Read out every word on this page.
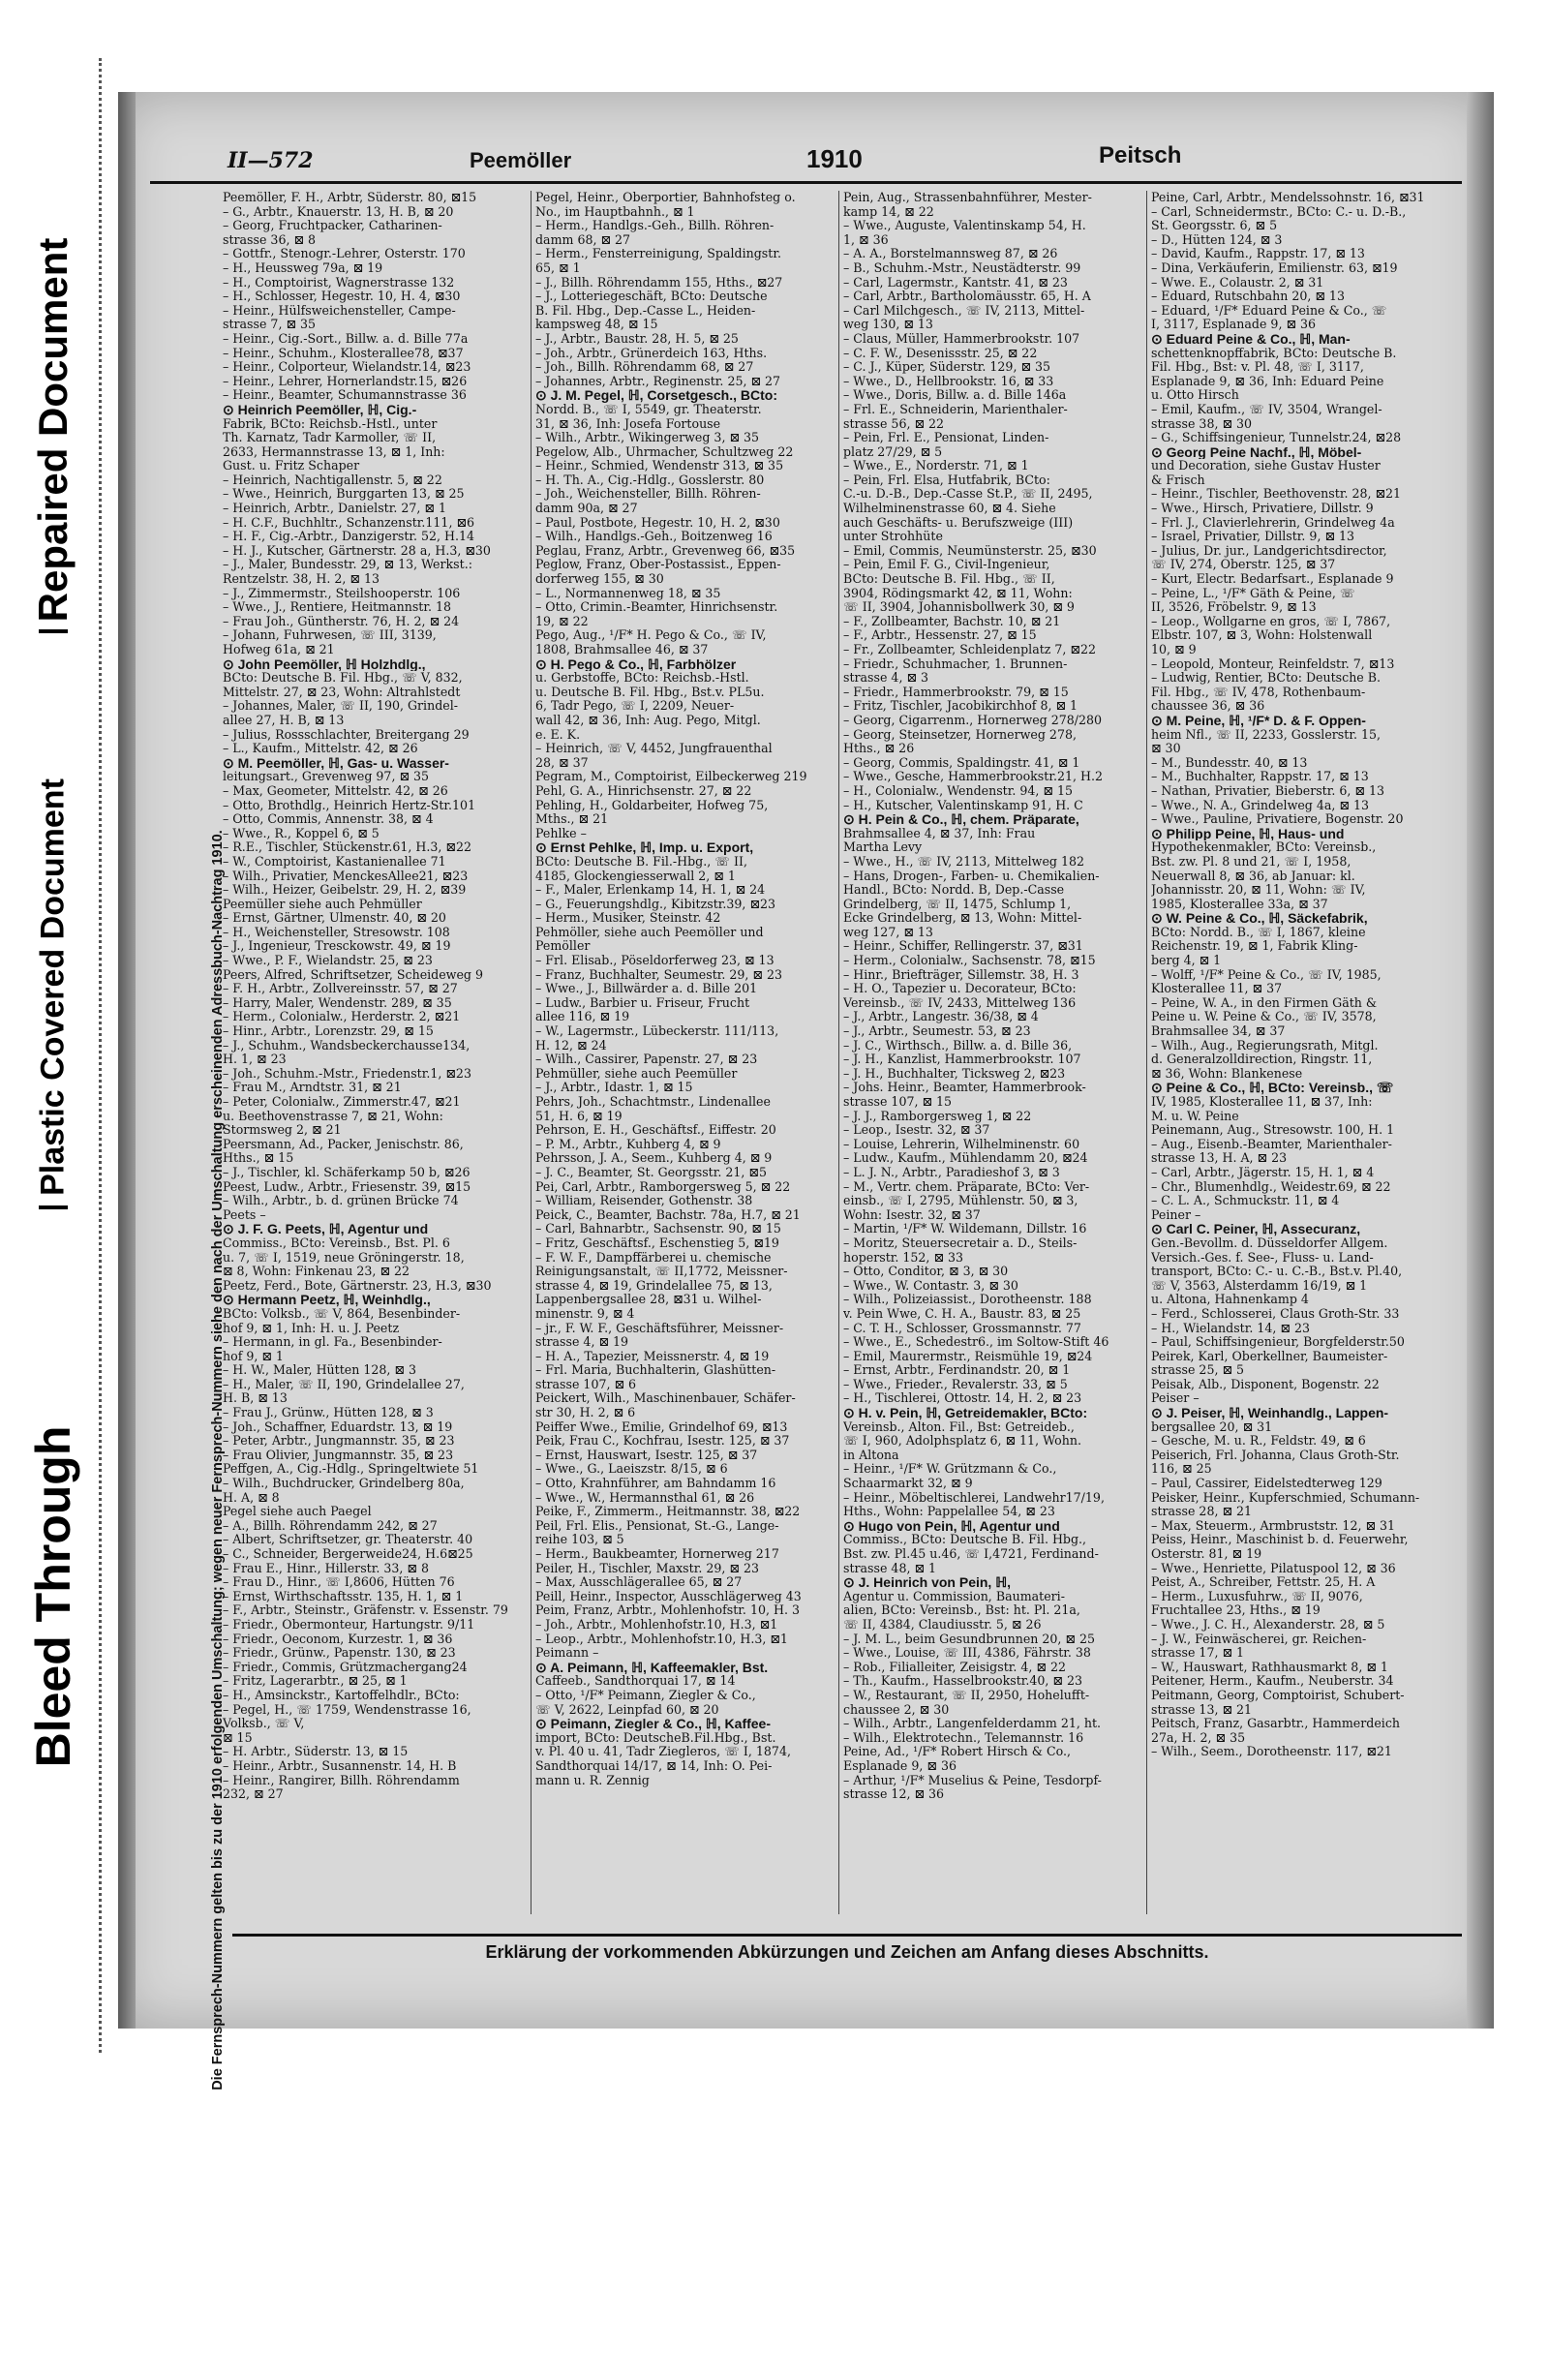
Repaired Document
Plastic Covered Document
Bleed Through
II—572	Peemöller	1910	Peitsch
Die Fernsprech-Nummern gelten bis zu der 1910 erfolgenden Umschaltung; wegen neuer Fernsprech-Nummern siehe den nach der Umschaltung erscheinenden Adressbuch-Nachtrag 1910.
Peemöller, F. H., Arbtr, Süderstr. 80, ⊠15
– G., Arbtr., Knauerstr. 13, H. B, ⊠ 20
– Georg, Fruchtpacker, Catharinen-
strasse 36, ⊠ 8
– Gottfr., Stenogr.-Lehrer, Osterstr. 170
– H., Heussweg 79a, ⊠ 19
– H., Comptoirist, Wagnerstrasse 132
– H., Schlosser, Hegestr. 10, H. 4, ⊠30
– Heinr., Hülfsweichensteller, Campe-
strasse 7, ⊠ 35
– Heinr., Cig.-Sort., Billw. a. d. Bille 77a
– Heinr., Schuhm., Klosterallee78, ⊠37
– Heinr., Colporteur, Wielandstr.14, ⊠23
– Heinr., Lehrer, Hornerlandstr.15, ⊠26
– Heinr., Beamter, Schumannstrasse 36
⊙ Heinrich Peemöller, ℍ, Cig.-
Fabrik, BCto: Reichsb.-Hstl., unter
Th. Karnatz, Tadr Karmoller, ☏ II,
2633, Hermannstrasse 13, ⊠ 1, Inh:
Gust. u. Fritz Schaper
– Heinrich, Nachtigallenstr. 5, ⊠ 22
– Wwe., Heinrich, Burggarten 13, ⊠ 25
– Heinrich, Arbtr., Danielstr. 27, ⊠ 1
– H. C.F., Buchhltr., Schanzenstr.111, ⊠6
– H. F., Cig.-Arbtr., Danzigerstr. 52, H.14
– H. J., Kutscher, Gärtnerstr. 28 a, H.3, ⊠30
– J., Maler, Bundesstr. 29, ⊠ 13, Werkst.:
Rentzelstr. 38, H. 2, ⊠ 13
– J., Zimmermstr., Steilshooperstr. 106
– Wwe., J., Rentiere, Heitmannstr. 18
– Frau Joh., Güntherstr. 76, H. 2, ⊠ 24
– Johann, Fuhrwesen, ☏ III, 3139,
Hofweg 61a, ⊠ 21
⊙ John Peemöller, ℍ Holzhdlg.,
BCto: Deutsche B. Fil. Hbg., ☏ V, 832,
Mittelstr. 27, ⊠ 23, Wohn: Altrahlstedt
– Johannes, Maler, ☏ II, 190, Grindel-
allee 27, H. B, ⊠ 13
– Julius, Rossschlachter, Breitergang 29
– L., Kaufm., Mittelstr. 42, ⊠ 26
⊙ M. Peemöller, ℍ, Gas- u. Wasser-
leitungsart., Grevenweg 97, ⊠ 35
– Max, Geometer, Mittelstr. 42, ⊠ 26
– Otto, Brothdlg., Heinrich Hertz-Str.101
– Otto, Commis, Annenstr. 38, ⊠ 4
– Wwe., R., Koppel 6, ⊠ 5
– R.E., Tischler, Stückenstr.61, H.3, ⊠22
– W., Comptoirist, Kastanienallee 71
– Wilh., Privatier, MenckesAllee21, ⊠23
– Wilh., Heizer, Geibelstr. 29, H. 2, ⊠39
Peemüller siehe auch Pehmüller
– Ernst, Gärtner, Ulmenstr. 40, ⊠ 20
– H., Weichensteller, Stresowstr. 108
– J., Ingenieur, Tresckowstr. 49, ⊠ 19
– Wwe., P. F., Wielandstr. 25, ⊠ 23
Peers, Alfred, Schriftsetzer, Scheideweg 9
– F. H., Arbtr., Zollvereinsstr. 57, ⊠ 27
– Harry, Maler, Wendenstr. 289, ⊠ 35
– Herm., Colonialw., Herderstr. 2, ⊠21
– Hinr., Arbtr., Lorenzstr. 29, ⊠ 15
– J., Schuhm., Wandsbeckerchausse134,
H. 1, ⊠ 23
– Joh., Schuhm.-Mstr., Friedenstr.1, ⊠23
– Frau M., Arndtstr. 31, ⊠ 21
– Peter, Colonialw., Zimmerstr.47, ⊠21
u. Beethovenstrasse 7, ⊠ 21, Wohn:
Stormsweg 2, ⊠ 21
Peersmann, Ad., Packer, Jenischstr. 86,
Hths., ⊠ 15
– J., Tischler, kl. Schäferkamp 50 b, ⊠26
Peest, Ludw., Arbtr., Friesenstr. 39, ⊠15
– Wilh., Arbtr., b. d. grünen Brücke 74
Peets –
⊙ J. F. G. Peets, ℍ, Agentur und
Commiss., BCto: Vereinsb., Bst. Pl. 6
u. 7, ☏ I, 1519, neue Gröningerstr. 18,
⊠ 8, Wohn: Finkenau 23, ⊠ 22
Peetz, Ferd., Bote, Gärtnerstr. 23, H.3, ⊠30
⊙ Hermann Peetz, ℍ, Weinhdlg.,
BCto: Volksb., ☏ V, 864, Besenbinder-
hof 9, ⊠ 1, Inh: H. u. J. Peetz
– Hermann, in gl. Fa., Besenbinder-
hof 9, ⊠ 1
– H. W., Maler, Hütten 128, ⊠ 3
– H., Maler, ☏ II, 190, Grindelallee 27,
H. B, ⊠ 13
– Frau J., Grünw., Hütten 128, ⊠ 3
– Joh., Schaffner, Eduardstr. 13, ⊠ 19
– Peter, Arbtr., Jungmannstr. 35, ⊠ 23
– Frau Olivier, Jungmannstr. 35, ⊠ 23
Peffgen, A., Cig.-Hdlg., Springeltwiete 51
– Wilh., Buchdrucker, Grindelberg 80a,
H. A, ⊠ 8
Pegel siehe auch Paegel
– A., Billh. Röhrendamm 242, ⊠ 27
– Albert, Schriftsetzer, gr. Theaterstr. 40
– C., Schneider, Bergerweide24, H.6⊠25
– Frau E., Hinr., Hillerstr. 33, ⊠ 8
– Frau D., Hinr., ☏ I,8606, Hütten 76
– Ernst, Wirthschaftsstr. 135, H. 1, ⊠ 1
– F., Arbtr., Steinstr., Gräfenstr. v. Essenstr. 79
– Friedr., Obermonteur, Hartungstr. 9/11
– Friedr., Oeconom, Kurzestr. 1, ⊠ 36
– Friedr., Grünw., Papenstr. 130, ⊠ 23
– Friedr., Commis, Grützmachergang24
– Fritz, Lagerarbtr., ⊠ 25, ⊠ 1
– H., Amsinckstr., Kartoffelhdlr., BCto:
– Pegel, H., ☏ 1759, Wendenstrasse 16,
Volksb., ☏ V,
⊠ 15
– H. Arbtr., Süderstr. 13, ⊠ 15
– Heinr., Arbtr., Susannenstr. 14, H. B
– Heinr., Rangirer, Billh. Röhrendamm
232, ⊠ 27
Pegel, Heinr., Oberportier, Bahnhofsteg o.
No., im Hauptbahnh., ⊠ 1
– Herm., Handlgs.-Geh., Billh. Röhren-
damm 68, ⊠ 27
– Herm., Fensterreinigung, Spaldingstr.
65, ⊠ 1
– J., Billh. Röhrendamm 155, Hths., ⊠27
– J., Lotteriegeschäft, BCto: Deutsche
B. Fil. Hbg., Dep.-Casse L., Heiden-
kampsweg 48, ⊠ 15
– J., Arbtr., Baustr. 28, H. 5, ⊠ 25
– Joh., Arbtr., Grünerdeich 163, Hths.
– Joh., Billh. Röhrendamm 68, ⊠ 27
– Johannes, Arbtr., Reginenstr. 25, ⊠ 27
⊙ J. M. Pegel, ℍ, Corsetgesch., BCto:
Nordd. B., ☏ I, 5549, gr. Theaterstr.
31, ⊠ 36, Inh: Josefa Fortouse
– Wilh., Arbtr., Wikingerweg 3, ⊠ 35
Pegelow, Alb., Uhrmacher, Schultzweg 22
– Heinr., Schmied, Wendenstr 313, ⊠ 35
– H. Th. A., Cig.-Hdlg., Gosslerstr. 80
– Joh., Weichensteller, Billh. Röhren-
damm 90a, ⊠ 27
– Paul, Postbote, Hegestr. 10, H. 2, ⊠30
– Wilh., Handlgs.-Geh., Boitzenweg 16
Peglau, Franz, Arbtr., Grevenweg 66, ⊠35
Peglow, Franz, Ober-Postassist., Eppen-
dorferweg 155, ⊠ 30
– L., Normannenweg 18, ⊠ 35
– Otto, Crimin.-Beamter, Hinrichsenstr.
19, ⊠ 22
Pego, Aug., ¹/F* H. Pego & Co., ☏ IV,
1808, Brahmsallee 46, ⊠ 37
⊙ H. Pego & Co., ℍ, Farbhölzer
u. Gerbstoffe, BCto: Reichsb.-Hstl.
u. Deutsche B. Fil. Hbg., Bst.v. PL5u.
6, Tadr Pego, ☏ I, 2209, Neuer-
wall 42, ⊠ 36, Inh: Aug. Pego, Mitgl.
e. E. K.
– Heinrich, ☏ V, 4452, Jungfrauenthal
28, ⊠ 37
Pegram, M., Comptoirist, Eilbeckerweg 219
Pehl, G. A., Hinrichsenstr. 27, ⊠ 22
Pehling, H., Goldarbeiter, Hofweg 75,
Mths., ⊠ 21
Pehlke –
⊙ Ernst Pehlke, ℍ, Imp. u. Export,
BCto: Deutsche B. Fil.-Hbg., ☏ II,
4185, Glockengiesserwall 2, ⊠ 1
– F., Maler, Erlenkamp 14, H. 1, ⊠ 24
– G., Feuerungshdlg., Kibitzstr.39, ⊠23
– Herm., Musiker, Steinstr. 42
Pehmöller, siehe auch Peemöller und
Pemöller
– Frl. Elisab., Pöseldorferweg 23, ⊠ 13
– Franz, Buchhalter, Seumestr. 29, ⊠ 23
– Wwe., J., Billwärder a. d. Bille 201
– Ludw., Barbier u. Friseur, Frucht
allee 116, ⊠ 19
– W., Lagermstr., Lübeckerstr. 111/113,
H. 12, ⊠ 24
– Wilh., Cassirer, Papenstr. 27, ⊠ 23
Pehmüller, siehe auch Peemüller
– J., Arbtr., Idastr. 1, ⊠ 15
Pehrs, Joh., Schachtmstr., Lindenallee
51, H. 6, ⊠ 19
Pehrson, E. H., Geschäftsf., Eiffestr. 20
– P. M., Arbtr., Kuhberg 4, ⊠ 9
Pehrsson, J. A., Seem., Kuhberg 4, ⊠ 9
– J. C., Beamter, St. Georgsstr. 21, ⊠5
Pei, Carl, Arbtr., Ramborgersweg 5, ⊠ 22
– William, Reisender, Gothenstr. 38
Peick, C., Beamter, Bachstr. 78a, H.7, ⊠ 21
– Carl, Bahnarbtr., Sachsenstr. 90, ⊠ 15
– Fritz, Geschäftsf., Eschenstieg 5, ⊠19
– F. W. F., Dampffärberei u. chemische
Reinigungsanstalt, ☏ II,1772, Meissner-
strasse 4, ⊠ 19, Grindelallee 75, ⊠ 13,
Lappenbergsallee 28, ⊠31 u. Wilhel-
minenstr. 9, ⊠ 4
– jr., F. W. F., Geschäftsführer, Meissner-
strasse 4, ⊠ 19
– H. A., Tapezier, Meissnerstr. 4, ⊠ 19
– Frl. Maria, Buchhalterin, Glashütten-
strasse 107, ⊠ 6
Peickert, Wilh., Maschinenbauer, Schäfer-
str 30, H. 2, ⊠ 6
Peiffer Wwe., Emilie, Grindelhof 69, ⊠13
Peik, Frau C., Kochfrau, Isestr. 125, ⊠ 37
– Ernst, Hauswart, Isestr. 125, ⊠ 37
– Wwe., G., Laeiszstr. 8/15, ⊠ 6
– Otto, Krahnführer, am Bahndamm 16
– Wwe., W., Hermannsthal 61, ⊠ 26
Peike, F., Zimmerm., Heitmannstr. 38, ⊠22
Peil, Frl. Elis., Pensionat, St.-G., Lange-
reihe 103, ⊠ 5
– Herm., Baukbeamter, Hornerweg 217
Peiler, H., Tischler, Maxstr. 29, ⊠ 23
– Max, Ausschlägerallee 65, ⊠ 27
Peill, Heinr., Inspector, Ausschlägerweg 43
Peim, Franz, Arbtr., Mohlenhofstr. 10, H. 3
– Joh., Arbtr., Mohlenhofstr.10, H.3, ⊠1
– Leop., Arbtr., Mohlenhofstr.10, H.3, ⊠1
Peimann –
⊙ A. Peimann, ℍ, Kaffeemakler, Bst.
Caffeeb., Sandthorquai 17, ⊠ 14
– Otto, ¹/F* Peimann, Ziegler & Co.,
☏ V, 2622, Leinpfad 60, ⊠ 20
⊙ Peimann, Ziegler & Co., ℍ, Kaffee-
import, BCto: DeutscheB.Fil.Hbg., Bst.
v. Pl. 40 u. 41, Tadr Ziegleros, ☏ I, 1874,
Sandthorquai 14/17, ⊠ 14, Inh: O. Pei-
mann u. R. Zennig
Pein, Aug., Strassenbahnführer, Mester-
kamp 14, ⊠ 22
– Wwe., Auguste, Valentinskamp 54, H.
1, ⊠ 36
– A. A., Borstelmannsweg 87, ⊠ 26
– B., Schuhm.-Mstr., Neustädterstr. 99
– Carl, Lagermstr., Kantstr. 41, ⊠ 23
– Carl, Arbtr., Bartholomäusstr. 65, H. A
– Carl Milchgesch., ☏ IV, 2113, Mittel-
weg 130, ⊠ 13
– Claus, Müller, Hammerbrookstr. 107
– C. F. W., Desenissstr. 25, ⊠ 22
– C. J., Küper, Süderstr. 129, ⊠ 35
– Wwe., D., Hellbrookstr. 16, ⊠ 33
– Wwe., Doris, Billw. a. d. Bille 146a
– Frl. E., Schneiderin, Marienthaler-
strasse 56, ⊠ 22
– Pein, Frl. E., Pensionat, Linden-
platz 27/29, ⊠ 5
– Wwe., E., Norderstr. 71, ⊠ 1
– Pein, Frl. Elsa, Hutfabrik, BCto:
C.-u. D.-B., Dep.-Casse St.P., ☏ II, 2495,
Wilhelminenstrasse 60, ⊠ 4. Siehe
auch Geschäfts- u. Berufszweige (III)
unter Strohhüte
– Emil, Commis, Neumünsterstr. 25, ⊠30
– Pein, Emil F. G., Civil-Ingenieur,
BCto: Deutsche B. Fil. Hbg., ☏ II,
3904, Rödingsmarkt 42, ⊠ 11, Wohn:
☏ II, 3904, Johannisbollwerk 30, ⊠ 9
– F., Zollbeamter, Bachstr. 10, ⊠ 21
– F., Arbtr., Hessenstr. 27, ⊠ 15
– Fr., Zollbeamter, Schleidenplatz 7, ⊠22
– Friedr., Schuhmacher, 1. Brunnen-
strasse 4, ⊠ 3
– Friedr., Hammerbrookstr. 79, ⊠ 15
– Fritz, Tischler, Jacobikirchhof 8, ⊠ 1
– Georg, Cigarrenm., Hornerweg 278/280
– Georg, Steinsetzer, Hornerweg 278,
Hths., ⊠ 26
– Georg, Commis, Spaldingstr. 41, ⊠ 1
– Wwe., Gesche, Hammerbrookstr.21, H.2
– H., Colonialw., Wendenstr. 94, ⊠ 15
– H., Kutscher, Valentinskamp 91, H. C
⊙ H. Pein & Co., ℍ, chem. Präparate,
Brahmsallee 4, ⊠ 37, Inh: Frau
Martha Levy
– Wwe., H., ☏ IV, 2113, Mittelweg 182
– Hans, Drogen-, Farben- u. Chemikalien-
Handl., BCto: Nordd. B, Dep.-Casse
Grindelberg, ☏ II, 1475, Schlump 1,
Ecke Grindelberg, ⊠ 13, Wohn: Mittel-
weg 127, ⊠ 13
– Heinr., Schiffer, Rellingerstr. 37, ⊠31
– Herm., Colonialw., Sachsenstr. 78, ⊠15
– Hinr., Briefträger, Sillemstr. 38, H. 3
– H. O., Tapezier u. Decorateur, BCto:
Vereinsb., ☏ IV, 2433, Mittelweg 136
– J., Arbtr., Langestr. 36/38, ⊠ 4
– J., Arbtr., Seumestr. 53, ⊠ 23
– J. C., Wirthsch., Billw. a. d. Bille 36,
– J. H., Kanzlist, Hammerbrookstr. 107
– J. H., Buchhalter, Ticksweg 2, ⊠23
– Johs. Heinr., Beamter, Hammerbrook-
strasse 107, ⊠ 15
– J. J., Ramborgersweg 1, ⊠ 22
– Leop., Isestr. 32, ⊠ 37
– Louise, Lehrerin, Wilhelminenstr. 60
– Ludw., Kaufm., Mühlendamm 20, ⊠24
– L. J. N., Arbtr., Paradieshof 3, ⊠ 3
– M., Vertr. chem. Präparate, BCto: Ver-
einsb., ☏ I, 2795, Mühlenstr. 50, ⊠ 3,
Wohn: Isestr. 32, ⊠ 37
– Martin, ¹/F* W. Wildemann, Dillstr. 16
– Moritz, Steuersecretair a. D., Steils-
hoperstr. 152, ⊠ 33
– Otto, Conditor, ⊠ 3, ⊠ 30
– Wwe., W. Contastr. 3, ⊠ 30
– Wilh., Polizeiassist., Dorotheenstr. 188
v. Pein Wwe, C. H. A., Baustr. 83, ⊠ 25
– C. T. H., Schlosser, Grossmannstr. 77
– Wwe., E., Schedestr6., im Soltow-Stift 46
– Emil, Maurermstr., Reismühle 19, ⊠24
– Ernst, Arbtr., Ferdinandstr. 20, ⊠ 1
– Wwe., Frieder., Revalerstr. 33, ⊠ 5
– H., Tischlerei, Ottostr. 14, H. 2, ⊠ 23
⊙ H. v. Pein, ℍ, Getreidemakler, BCto:
Vereinsb., Alton. Fil., Bst: Getreideb.,
☏ I, 960, Adolphsplatz 6, ⊠ 11, Wohn.
in Altona
– Heinr., ¹/F* W. Grützmann & Co.,
Schaarmarkt 32, ⊠ 9
– Heinr., Möbeltischlerei, Landwehr17/19,
Hths., Wohn: Pappelallee 54, ⊠ 23
⊙ Hugo von Pein, ℍ, Agentur und
Commiss., BCto: Deutsche B. Fil. Hbg.,
Bst. zw. Pl.45 u.46, ☏ I,4721, Ferdinand-
strasse 48, ⊠ 1
⊙ J. Heinrich von Pein, ℍ,
Agentur u. Commission, Baumateri-
alien, BCto: Vereinsb., Bst: ht. Pl. 21a,
☏ II, 4384, Claudiusstr. 5, ⊠ 26
– J. M. L., beim Gesundbrunnen 20, ⊠ 25
– Wwe., Louise, ☏ III, 4386, Fährstr. 38
– Rob., Filialleiter, Zeisigstr. 4, ⊠ 22
– Th., Kaufm., Hasselbrookstr.40, ⊠ 23
– W., Restaurant, ☏ II, 2950, Hohelufft-
chaussee 2, ⊠ 30
– Wilh., Arbtr., Langenfelderdamm 21, ht.
– Wilh., Elektrotechn., Telemannstr. 16
Peine, Ad., ¹/F* Robert Hirsch & Co.,
Esplanade 9, ⊠ 36
– Arthur, ¹/F* Muselius & Peine, Tesdorpf-
strasse 12, ⊠ 36
Peine, Carl, Arbtr., Mendelssohnstr. 16, ⊠31
– Carl, Schneidermstr., BCto: C.- u. D.-B.,
St. Georgsstr. 6, ⊠ 5
– D., Hütten 124, ⊠ 3
– David, Kaufm., Rappstr. 17, ⊠ 13
– Dina, Verkäuferin, Emilienstr. 63, ⊠19
– Wwe. E., Colaustr. 2, ⊠ 31
– Eduard, Rutschbahn 20, ⊠ 13
– Eduard, ¹/F* Eduard Peine & Co., ☏
I, 3117, Esplanade 9, ⊠ 36
⊙ Eduard Peine & Co., ℍ, Man-
schettenknopffabrik, BCto: Deutsche B.
Fil. Hbg., Bst: v. Pl. 48, ☏ I, 3117,
Esplanade 9, ⊠ 36, Inh: Eduard Peine
u. Otto Hirsch
– Emil, Kaufm., ☏ IV, 3504, Wrangel-
strasse 38, ⊠ 30
– G., Schiffsingenieur, Tunnelstr.24, ⊠28
⊙ Georg Peine Nachf., ℍ, Möbel-
und Decoration, siehe Gustav Huster
& Frisch
– Heinr., Tischler, Beethovenstr. 28, ⊠21
– Wwe., Hirsch, Privatiere, Dillstr. 9
– Frl. J., Clavierlehrerin, Grindelweg 4a
– Israel, Privatier, Dillstr. 9, ⊠ 13
– Julius, Dr. jur., Landgerichtsdirector,
☏ IV, 274, Oberstr. 125, ⊠ 37
– Kurt, Electr. Bedarfsart., Esplanade 9
– Peine, L., ¹/F* Gäth & Peine, ☏
II, 3526, Fröbelstr. 9, ⊠ 13
– Leop., Wollgarne en gros, ☏ I, 7867,
Elbstr. 107, ⊠ 3, Wohn: Holstenwall
10, ⊠ 9
– Leopold, Monteur, Reinfeldstr. 7, ⊠13
– Ludwig, Rentier, BCto: Deutsche B.
Fil. Hbg., ☏ IV, 478, Rothenbaum-
chaussee 36, ⊠ 36
⊙ M. Peine, ℍ, ¹/F* D. & F. Oppen-
heim Nfl., ☏ II, 2233, Gosslerstr. 15,
⊠ 30
– M., Bundesstr. 40, ⊠ 13
– M., Buchhalter, Rappstr. 17, ⊠ 13
– Nathan, Privatier, Bieberstr. 6, ⊠ 13
– Wwe., N. A., Grindelweg 4a, ⊠ 13
– Wwe., Pauline, Privatiere, Bogenstr. 20
⊙ Philipp Peine, ℍ, Haus- und
Hypothekenmakler, BCto: Vereinsb.,
Bst. zw. Pl. 8 und 21, ☏ I, 1958,
Neuerwall 8, ⊠ 36, ab Januar: kl.
Johannisstr. 20, ⊠ 11, Wohn: ☏ IV,
1985, Klosterallee 33a, ⊠ 37
⊙ W. Peine & Co., ℍ, Säckefabrik,
BCto: Nordd. B., ☏ I, 1867, kleine
Reichenstr. 19, ⊠ 1, Fabrik Kling-
berg 4, ⊠ 1
– Wolff, ¹/F* Peine & Co., ☏ IV, 1985,
Klosterallee 11, ⊠ 37
– Peine, W. A., in den Firmen Gäth &
Peine u. W. Peine & Co., ☏ IV, 3578,
Brahmsallee 34, ⊠ 37
– Wilh., Aug., Regierungsrath, Mitgl.
d. Generalzolldirection, Ringstr. 11,
⊠ 36, Wohn: Blankenese
⊙ Peine & Co., ℍ, BCto: Vereinsb., ☏
IV, 1985, Klosterallee 11, ⊠ 37, Inh:
M. u. W. Peine
Peinemann, Aug., Stresowstr. 100, H. 1
– Aug., Eisenb.-Beamter, Marienthaler-
strasse 13, H. A, ⊠ 23
– Carl, Arbtr., Jägerstr. 15, H. 1, ⊠ 4
– Chr., Blumenhdlg., Weidestr.69, ⊠ 22
– C. L. A., Schmuckstr. 11, ⊠ 4
Peiner –
⊙ Carl C. Peiner, ℍ, Assecuranz,
Gen.-Bevollm. d. Düsseldorfer Allgem.
Versich.-Ges. f. See-, Fluss- u. Land-
transport, BCto: C.- u. C.-B., Bst.v. Pl.40,
☏ V, 3563, Alsterdamm 16/19, ⊠ 1
u. Altona, Hahnenkamp 4
– Ferd., Schlosserei, Claus Groth-Str. 33
– H., Wielandstr. 14, ⊠ 23
– Paul, Schiffsingenieur, Borgfelderstr.50
Peirek, Karl, Oberkellner, Baumeister-
strasse 25, ⊠ 5
Peisak, Alb., Disponent, Bogenstr. 22
Peiser –
⊙ J. Peiser, ℍ, Weinhandlg., Lappen-
bergsallee 20, ⊠ 31
– Gesche, M. u. R., Feldstr. 49, ⊠ 6
Peiserich, Frl. Johanna, Claus Groth-Str.
116, ⊠ 25
– Paul, Cassirer, Eidelstedterweg 129
Peisker, Heinr., Kupferschmied, Schumann-
strasse 28, ⊠ 21
– Max, Steuerm., Armbruststr. 12, ⊠ 31
Peiss, Heinr., Maschinist b. d. Feuerwehr,
Osterstr. 81, ⊠ 19
– Wwe., Henriette, Pilatuspool 12, ⊠ 36
Peist, A., Schreiber, Fettstr. 25, H. A
– Herm., Luxusfuhrw., ☏ II, 9076,
Fruchtallee 23, Hths., ⊠ 19
– Wwe., J. C. H., Alexanderstr. 28, ⊠ 5
– J. W., Feinwäscherei, gr. Reichen-
strasse 17, ⊠ 1
– W., Hauswart, Rathhausmarkt 8, ⊠ 1
Peitener, Herm., Kaufm., Neuberstr. 34
Peitmann, Georg, Comptoirist, Schubert-
strasse 13, ⊠ 21
Peitsch, Franz, Gasarbtr., Hammerdeich
27a, H. 2, ⊠ 35
– Wilh., Seem., Dorotheenstr. 117, ⊠21
Erklärung der vorkommenden Abkürzungen und Zeichen am Anfang dieses Abschnitts.
